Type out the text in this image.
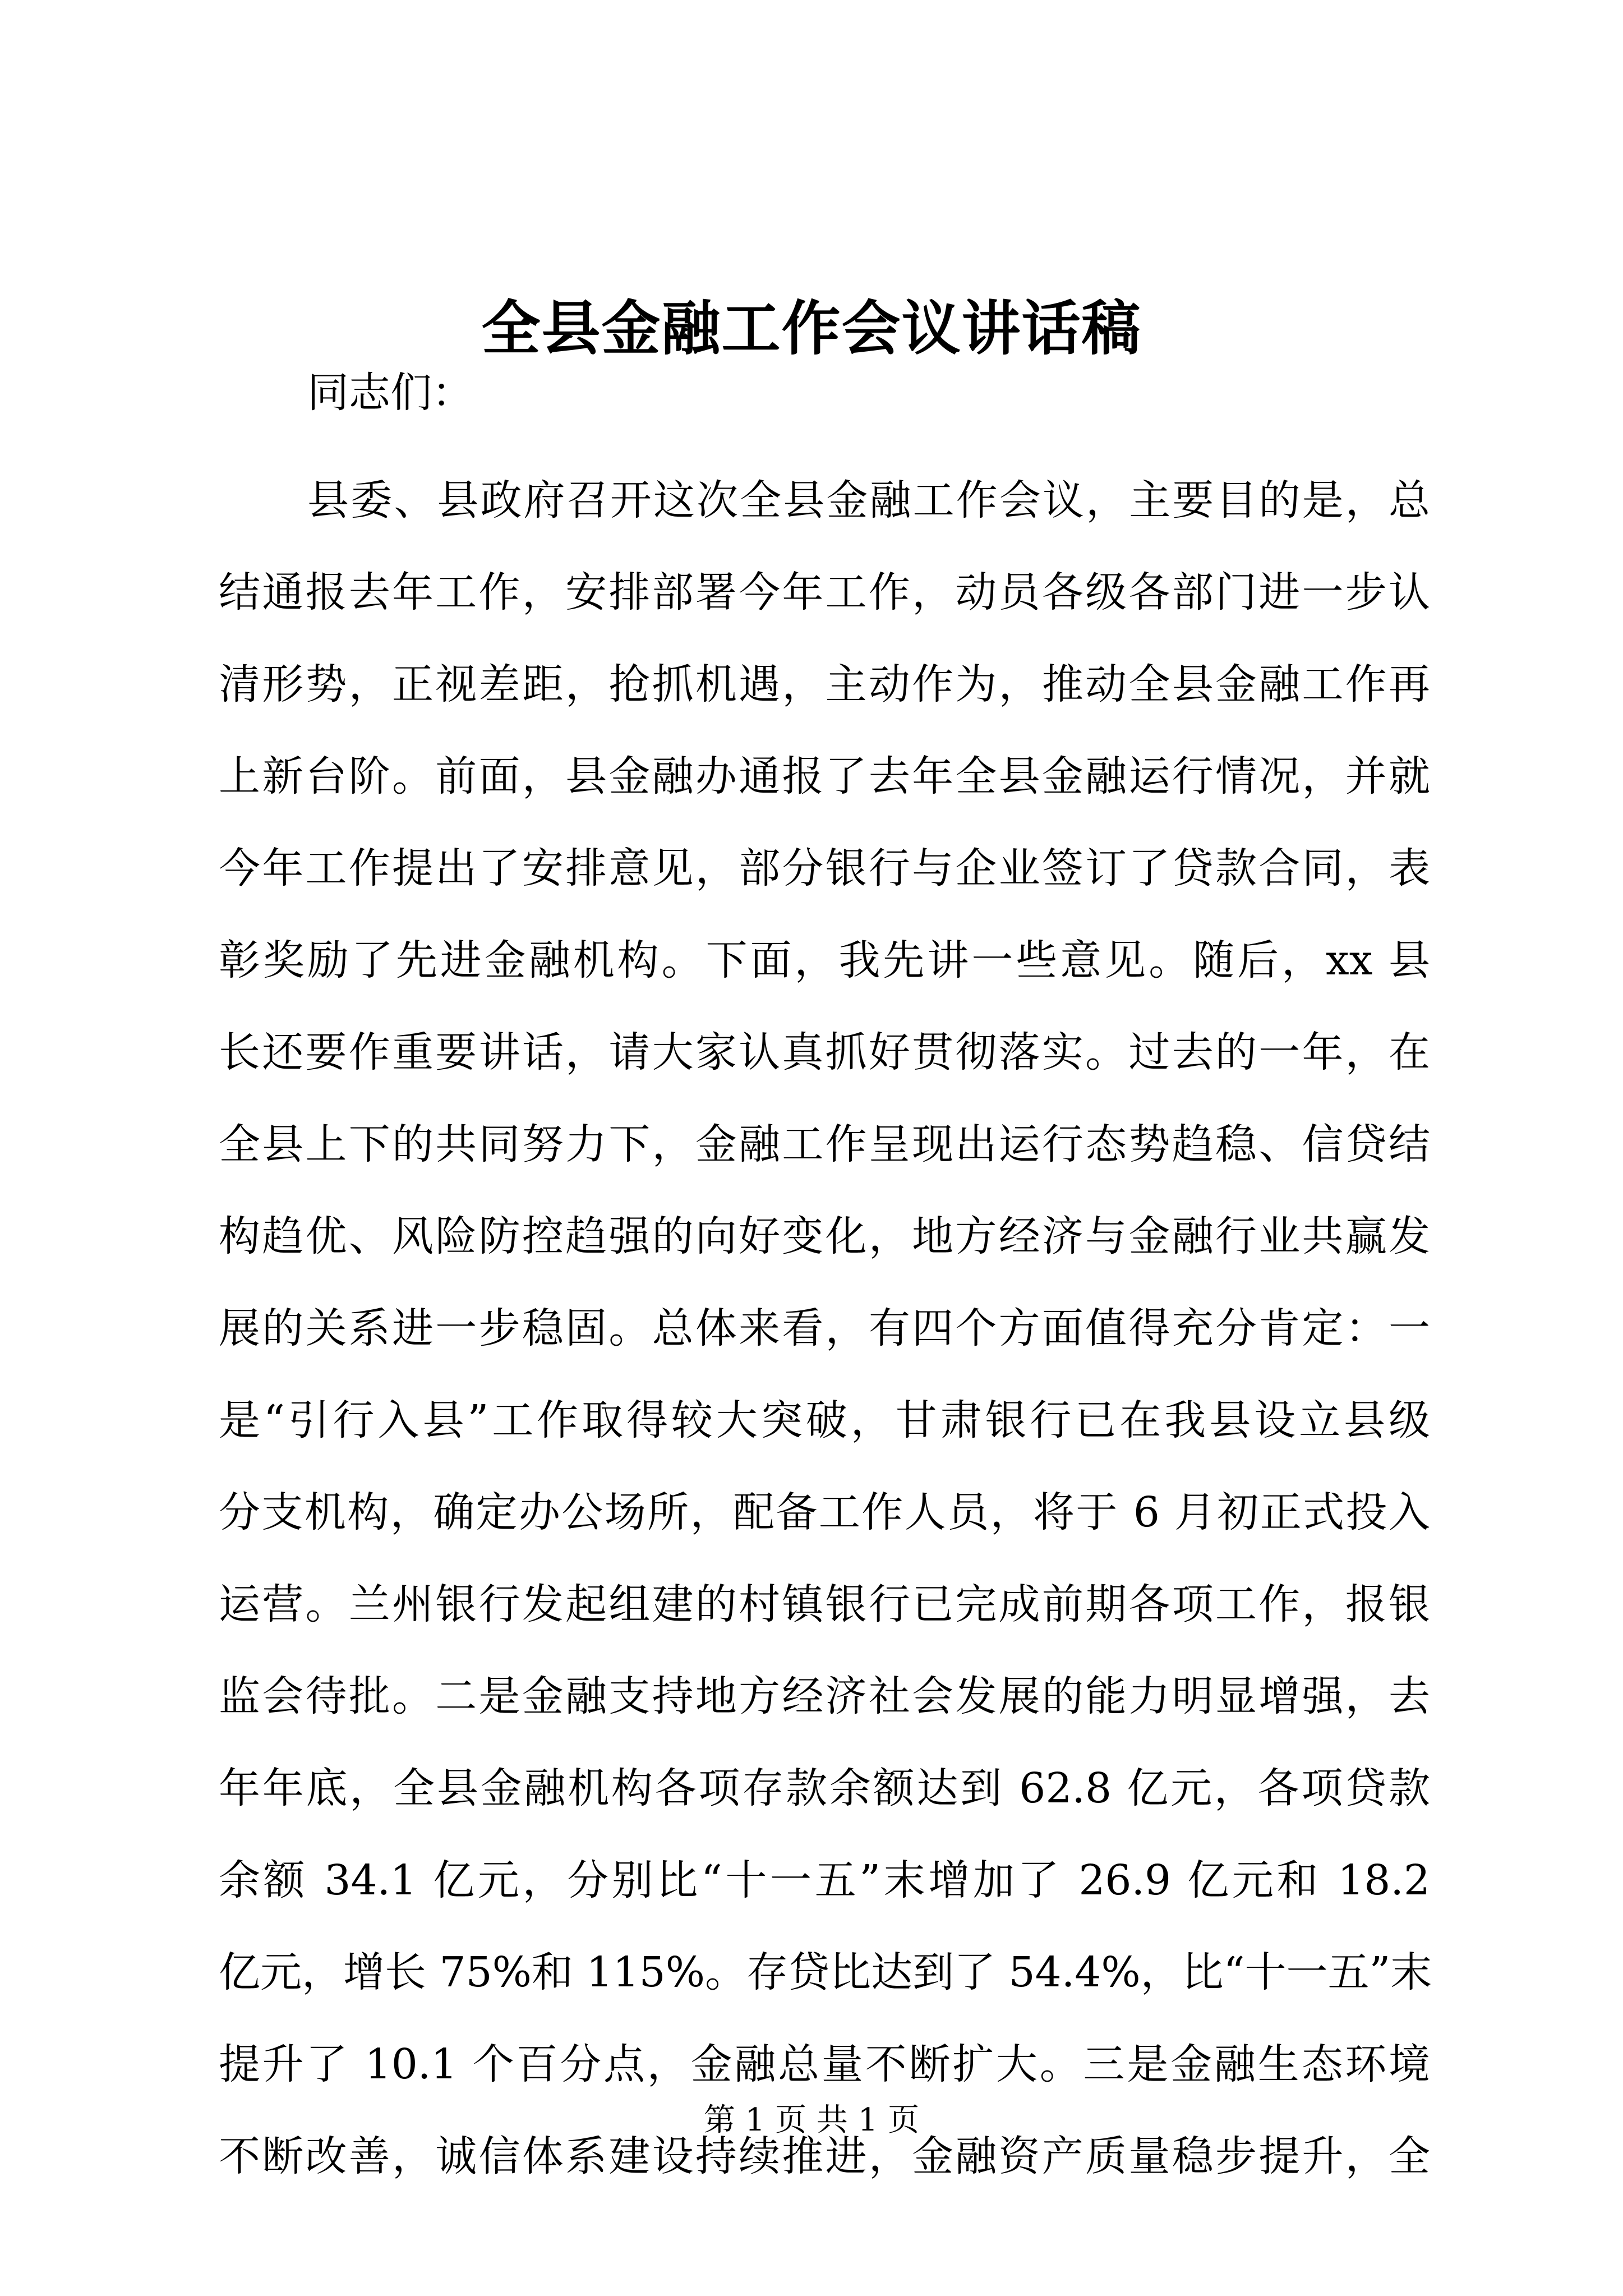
全县金融工作会议讲话稿
同志们：
县委、县政府召开这次全县金融工作会议，主要目的是，总
结通报去年工作，安排部署今年工作，动员各级各部门进一步认
清形势，正视差距，抢抓机遇，主动作为，推动全县金融工作再
上新台阶。前面，县金融办通报了去年全县金融运行情况，并就
今年工作提出了安排意见，部分银行与企业签订了贷款合同，表
彰奖励了先进金融机构。下面，我先讲一些意见。随后，xx 县
长还要作重要讲话，请大家认真抓好贯彻落实。过去的一年，在
全县上下的共同努力下，金融工作呈现出运行态势趋稳、信贷结
构趋优、风险防控趋强的向好变化，地方经济与金融行业共赢发
展的关系进一步稳固。总体来看，有四个方面值得充分肯定：一
是“引行入县”工作取得较大突破，甘肃银行已在我县设立县级
分支机构，确定办公场所，配备工作人员，将于 6 月初正式投入
运营。兰州银行发起组建的村镇银行已完成前期各项工作，报银
监会待批。二是金融支持地方经济社会发展的能力明显增强，去
年年底，全县金融机构各项存款余额达到 62.8 亿元，各项贷款
余额 34.1 亿元，分别比“十一五”末增加了 26.9 亿元和 18.2
亿元，增长 75%和 115%。存贷比达到了 54.4%，比“十一五”末
提升了 10.1 个百分点，金融总量不断扩大。三是金融生态环境
不断改善，诚信体系建设持续推进，金融资产质量稳步提升，全
第 1 页 共 1 页
